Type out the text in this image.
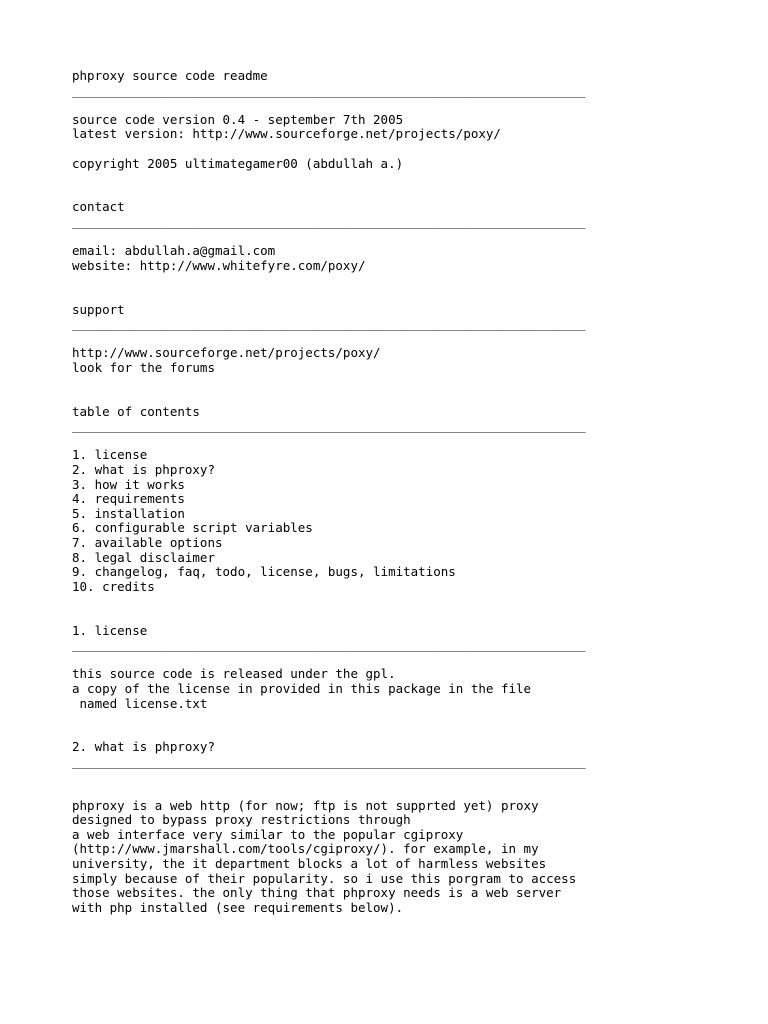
phproxy source code readme
_________________________________________________________________________________
source code version 0.4 - september 7th 2005
latest version: http://www.sourceforge.net/projects/poxy/
copyright 2005 ultimategamer00 (abdullah a.)
contact
_________________________________________________________________________________
email: abdullah.a@gmail.com
website: http://www.whitefyre.com/poxy/
support
_________________________________________________________________________________
http://www.sourceforge.net/projects/poxy/
look for the forums
table of contents
_________________________________________________________________________________
1. license
2. what is phproxy?
3. how it works
4. requirements
5. installation
6. configurable script variables
7. available options
8. legal disclaimer
9. changelog, faq, todo, license, bugs, limitations
10. credits
1. license
_________________________________________________________________________________
this source code is released under the gpl.
a copy of the license in provided in this package in the file
named license.txt
2. what is phproxy?
_________________________________________________________________________________
phproxy is a web http (for now; ftp is not supprted yet) proxy
designed to bypass proxy restrictions through
a web interface very similar to the popular cgiproxy
(http://www.jmarshall.com/tools/cgiproxy/). for example, in my
university, the it department blocks a lot of harmless websites
simply because of their popularity. so i use this porgram to access
those websites. the only thing that phproxy needs is a web server
with php installed (see requirements below).
